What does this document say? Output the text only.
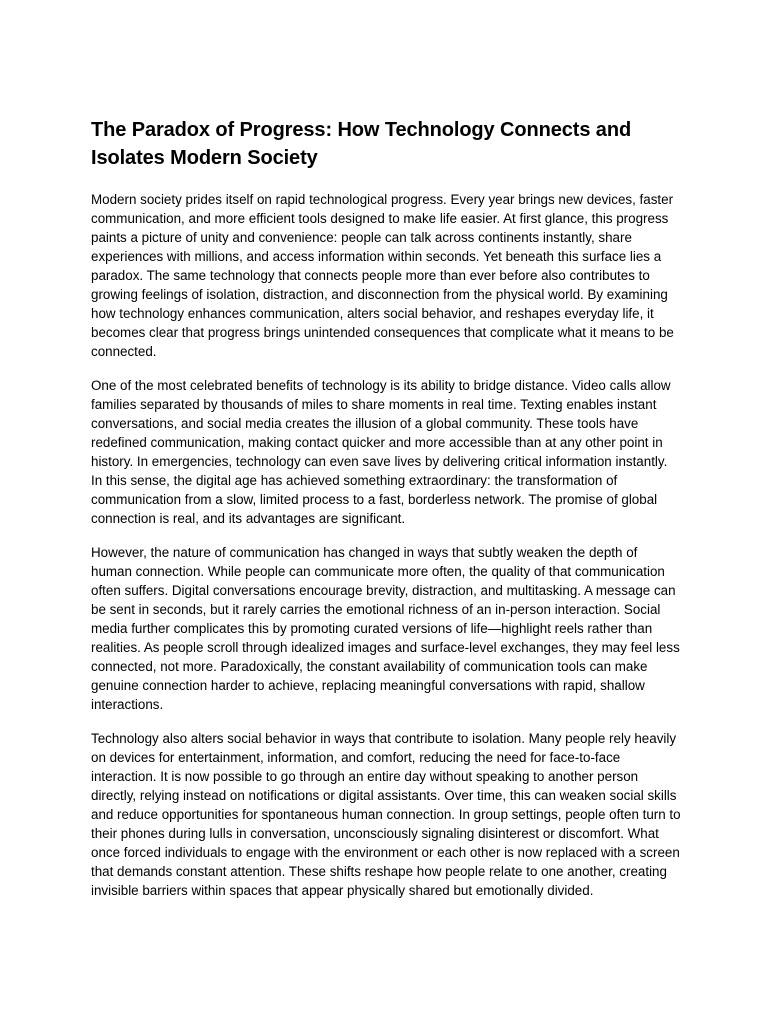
The Paradox of Progress: How Technology Connects and Isolates Modern Society

Modern society prides itself on rapid technological progress. Every year brings new devices, faster communication, and more efficient tools designed to make life easier. At first glance, this progress paints a picture of unity and convenience: people can talk across continents instantly, share experiences with millions, and access information within seconds. Yet beneath this surface lies a paradox. The same technology that connects people more than ever before also contributes to growing feelings of isolation, distraction, and disconnection from the physical world. By examining how technology enhances communication, alters social behavior, and reshapes everyday life, it becomes clear that progress brings unintended consequences that complicate what it means to be connected.

One of the most celebrated benefits of technology is its ability to bridge distance. Video calls allow families separated by thousands of miles to share moments in real time. Texting enables instant conversations, and social media creates the illusion of a global community. These tools have redefined communication, making contact quicker and more accessible than at any other point in history. In emergencies, technology can even save lives by delivering critical information instantly. In this sense, the digital age has achieved something extraordinary: the transformation of communication from a slow, limited process to a fast, borderless network. The promise of global connection is real, and its advantages are significant.

However, the nature of communication has changed in ways that subtly weaken the depth of human connection. While people can communicate more often, the quality of that communication often suffers. Digital conversations encourage brevity, distraction, and multitasking. A message can be sent in seconds, but it rarely carries the emotional richness of an in-person interaction. Social media further complicates this by promoting curated versions of life—highlight reels rather than realities. As people scroll through idealized images and surface-level exchanges, they may feel less connected, not more. Paradoxically, the constant availability of communication tools can make genuine connection harder to achieve, replacing meaningful conversations with rapid, shallow interactions.

Technology also alters social behavior in ways that contribute to isolation. Many people rely heavily on devices for entertainment, information, and comfort, reducing the need for face-to-face interaction. It is now possible to go through an entire day without speaking to another person directly, relying instead on notifications or digital assistants. Over time, this can weaken social skills and reduce opportunities for spontaneous human connection. In group settings, people often turn to their phones during lulls in conversation, unconsciously signaling disinterest or discomfort. What once forced individuals to engage with the environment or each other is now replaced with a screen that demands constant attention. These shifts reshape how people relate to one another, creating invisible barriers within spaces that appear physically shared but emotionally divided.
